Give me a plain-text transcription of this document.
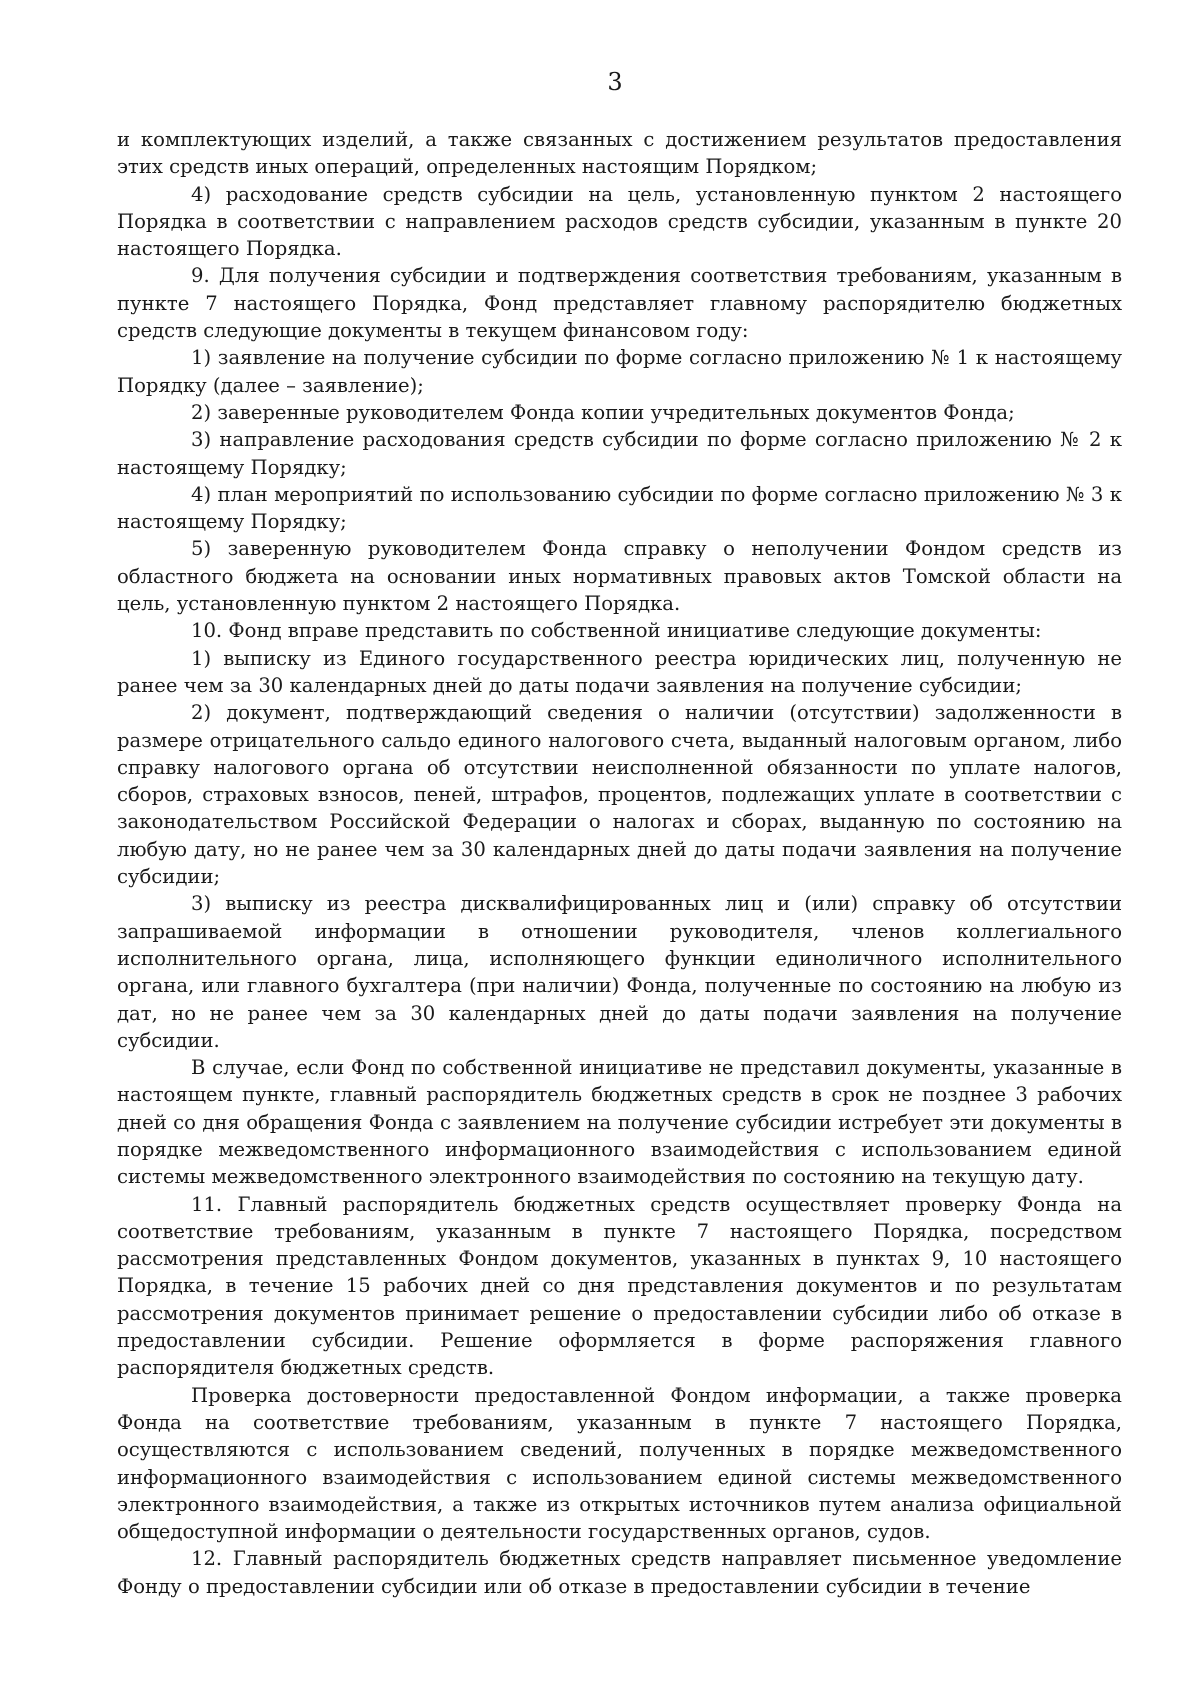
3

и комплектующих изделий, а также связанных с достижением результатов предоставления этих средств иных операций, определенных настоящим Порядком;

4) расходование средств субсидии на цель, установленную пунктом 2 настоящего Порядка в соответствии с направлением расходов средств субсидии, указанным в пункте 20 настоящего Порядка.

9. Для получения субсидии и подтверждения соответствия требованиям, указанным в пункте 7 настоящего Порядка, Фонд представляет главному распорядителю бюджетных средств следующие документы в текущем финансовом году:

1) заявление на получение субсидии по форме согласно приложению № 1 к настоящему Порядку (далее – заявление);

2) заверенные руководителем Фонда копии учредительных документов Фонда;

3) направление расходования средств субсидии по форме согласно приложению № 2 к настоящему Порядку;

4) план мероприятий по использованию субсидии по форме согласно приложению № 3 к настоящему Порядку;

5) заверенную руководителем Фонда справку о неполучении Фондом средств из областного бюджета на основании иных нормативных правовых актов Томской области на цель, установленную пунктом 2 настоящего Порядка.

10. Фонд вправе представить по собственной инициативе следующие документы:

1) выписку из Единого государственного реестра юридических лиц, полученную не ранее чем за 30 календарных дней до даты подачи заявления на получение субсидии;

2) документ, подтверждающий сведения о наличии (отсутствии) задолженности в размере отрицательного сальдо единого налогового счета, выданный налоговым органом, либо справку налогового органа об отсутствии неисполненной обязанности по уплате налогов, сборов, страховых взносов, пеней, штрафов, процентов, подлежащих уплате в соответствии с законодательством Российской Федерации о налогах и сборах, выданную по состоянию на любую дату, но не ранее чем за 30 календарных дней до даты подачи заявления на получение субсидии;

3) выписку из реестра дисквалифицированных лиц и (или) справку об отсутствии запрашиваемой информации в отношении руководителя, членов коллегиального исполнительного органа, лица, исполняющего функции единоличного исполнительного органа, или главного бухгалтера (при наличии) Фонда, полученные по состоянию на любую из дат, но не ранее чем за 30 календарных дней до даты подачи заявления на получение субсидии.

В случае, если Фонд по собственной инициативе не представил документы, указанные в настоящем пункте, главный распорядитель бюджетных средств в срок не позднее 3 рабочих дней со дня обращения Фонда с заявлением на получение субсидии истребует эти документы в порядке межведомственного информационного взаимодействия с использованием единой системы межведомственного электронного взаимодействия по состоянию на текущую дату.

11. Главный распорядитель бюджетных средств осуществляет проверку Фонда на соответствие требованиям, указанным в пункте 7 настоящего Порядка, посредством рассмотрения представленных Фондом документов, указанных в пунктах 9, 10 настоящего Порядка, в течение 15 рабочих дней со дня представления документов и по результатам рассмотрения документов принимает решение о предоставлении субсидии либо об отказе в предоставлении субсидии. Решение оформляется в форме распоряжения главного распорядителя бюджетных средств.

Проверка достоверности предоставленной Фондом информации, а также проверка Фонда на соответствие требованиям, указанным в пункте 7 настоящего Порядка, осуществляются с использованием сведений, полученных в порядке межведомственного информационного взаимодействия с использованием единой системы межведомственного электронного взаимодействия, а также из открытых источников путем анализа официальной общедоступной информации о деятельности государственных органов, судов.

12. Главный распорядитель бюджетных средств направляет письменное уведомление Фонду о предоставлении субсидии или об отказе в предоставлении субсидии в течение
